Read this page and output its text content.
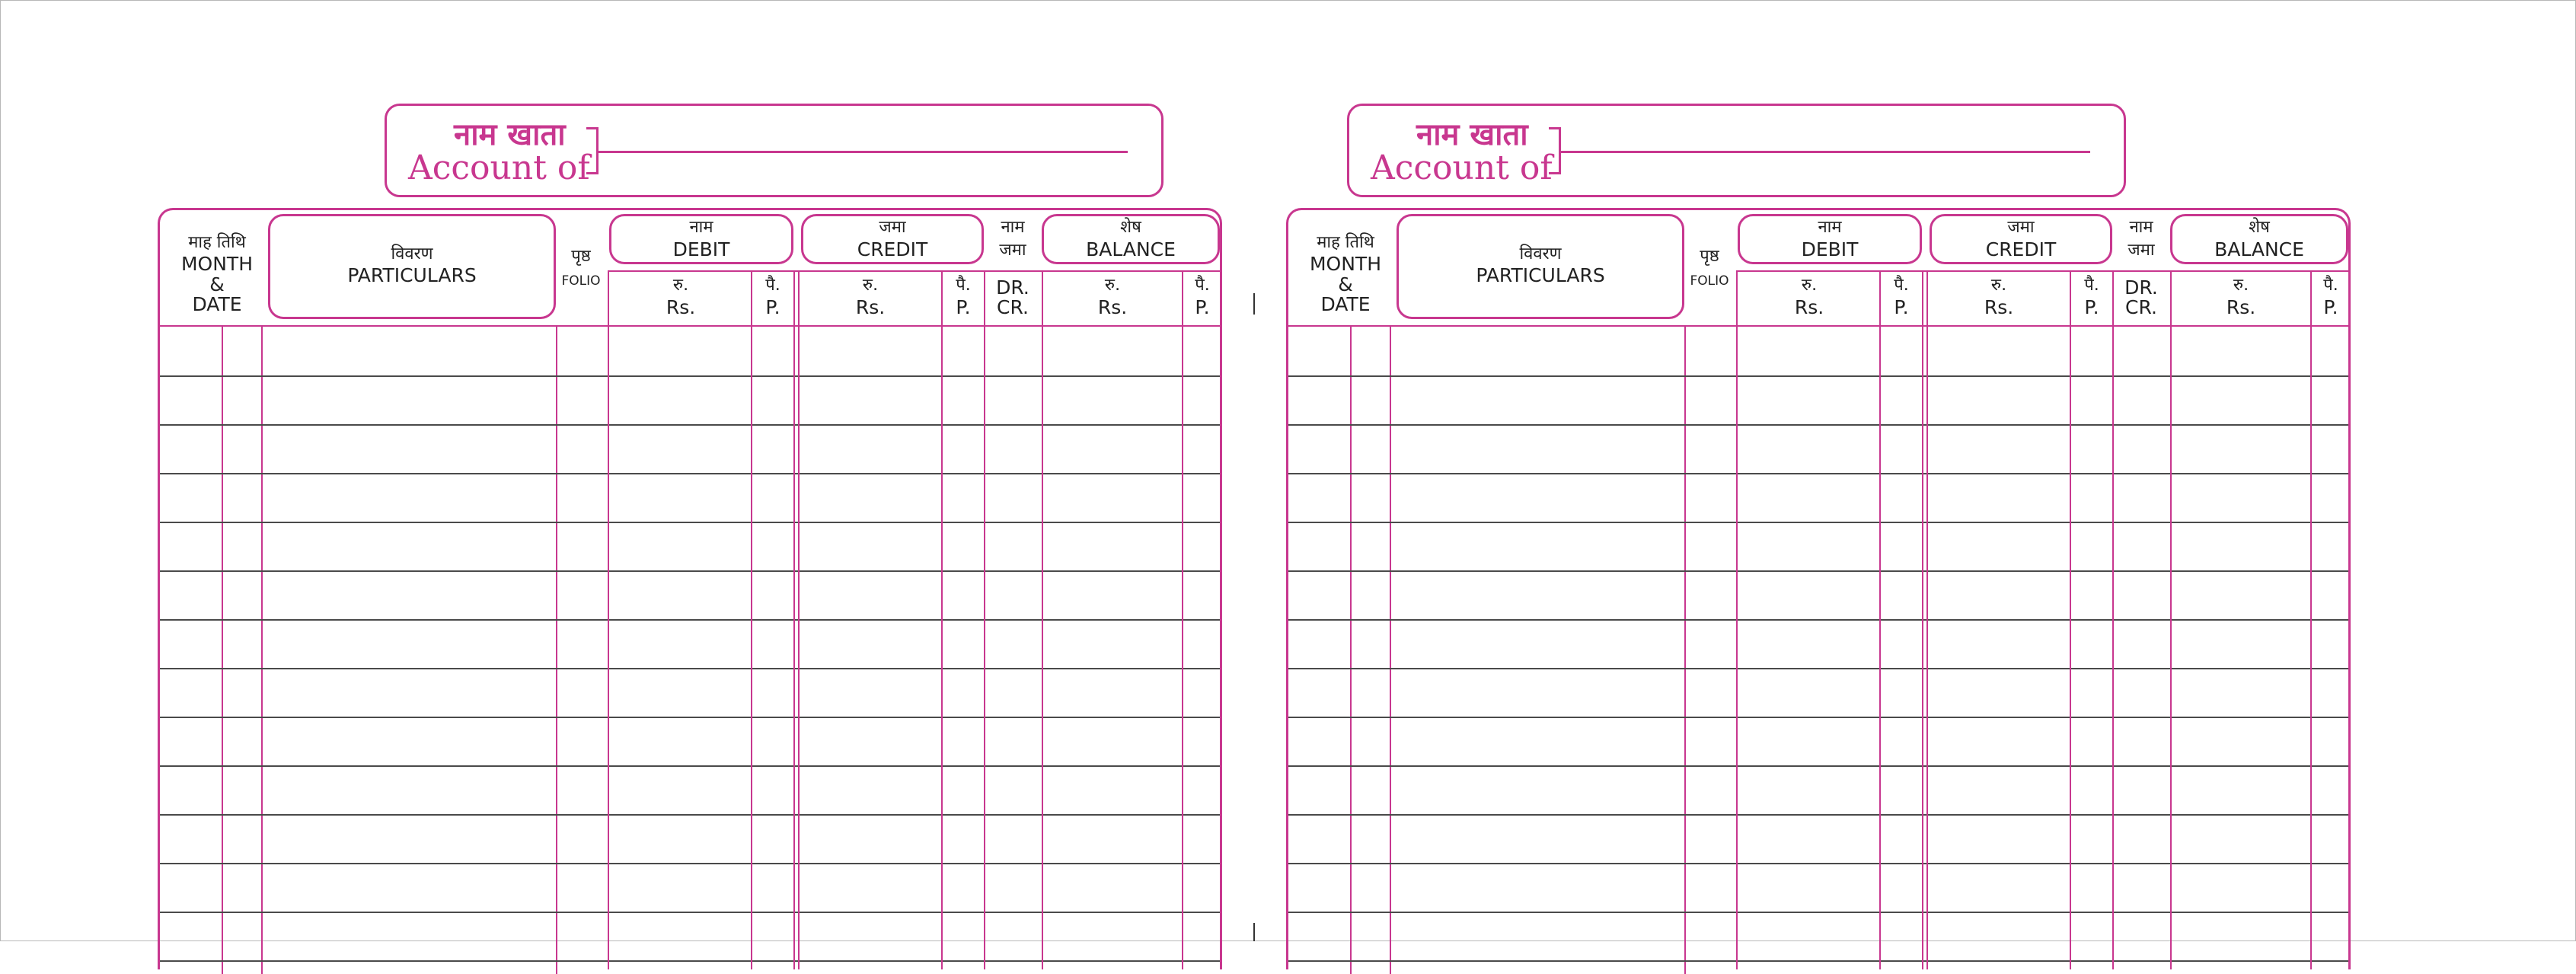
नाम खाता
Account of
माह तिथि
MONTH
&
DATE
विवरण
PARTICULARS
पृष्ठ
FOLIO
नाम
DEBIT
जमा
CREDIT
नाम
जमा
शेष
BALANCE
रु.
Rs.
पै.
P.
रु.
Rs.
पै.
P.
DR.
CR.
रु.
Rs.
पै.
P.
नाम खाता
Account of
माह तिथि
MONTH
&
DATE
विवरण
PARTICULARS
पृष्ठ
FOLIO
नाम
DEBIT
जमा
CREDIT
नाम
जमा
शेष
BALANCE
रु.
Rs.
पै.
P.
रु.
Rs.
पै.
P.
DR.
CR.
रु.
Rs.
पै.
P.
